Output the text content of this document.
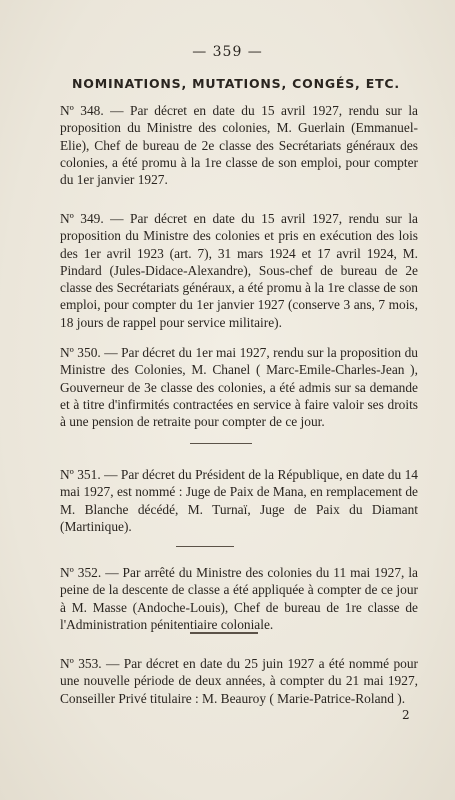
— 359 —
NOMINATIONS, MUTATIONS, CONGÉS, ETC.
Nº 348. — Par décret en date du 15 avril 1927, rendu sur la proposition du Ministre des colonies, M. Guerlain (Emmanuel-Elie), Chef de bureau de 2e classe des Secrétariats généraux des colonies, a été promu à la 1re classe de son emploi, pour compter du 1er janvier 1927.
Nº 349. — Par décret en date du 15 avril 1927, rendu sur la proposition du Ministre des colonies et pris en exécution des lois des 1er avril 1923 (art. 7), 31 mars 1924 et 17 avril 1924, M. Pindard (Jules-Didace-Alexandre), Sous-chef de bureau de 2e classe des Secrétariats généraux, a été promu à la 1re classe de son emploi, pour compter du 1er janvier 1927 (conserve 3 ans, 7 mois, 18 jours de rappel pour service militaire).
Nº 350. — Par décret du 1er mai 1927, rendu sur la proposition du Ministre des Colonies, M. Chanel ( Marc-Emile-Charles-Jean ), Gouverneur de 3e classe des colonies, a été admis sur sa demande et à titre d'infirmités contractées en service à faire valoir ses droits à une pension de retraite pour compter de ce jour.
Nº 351. — Par décret du Président de la République, en date du 14 mai 1927, est nommé : Juge de Paix de Mana, en remplacement de M. Blanche décédé, M. Turnaï, Juge de Paix du Diamant (Martinique).
Nº 352. — Par arrêté du Ministre des colonies du 11 mai 1927, la peine de la descente de classe a été appliquée à compter de ce jour à M. Masse (Andoche-Louis), Chef de bureau de 1re classe de l'Administration pénitentiaire coloniale.
Nº 353. — Par décret en date du 25 juin 1927 a été nommé pour une nouvelle période de deux années, à compter du 21 mai 1927, Conseiller Privé titulaire : M. Beauroy ( Marie-Patrice-Roland ).
2
